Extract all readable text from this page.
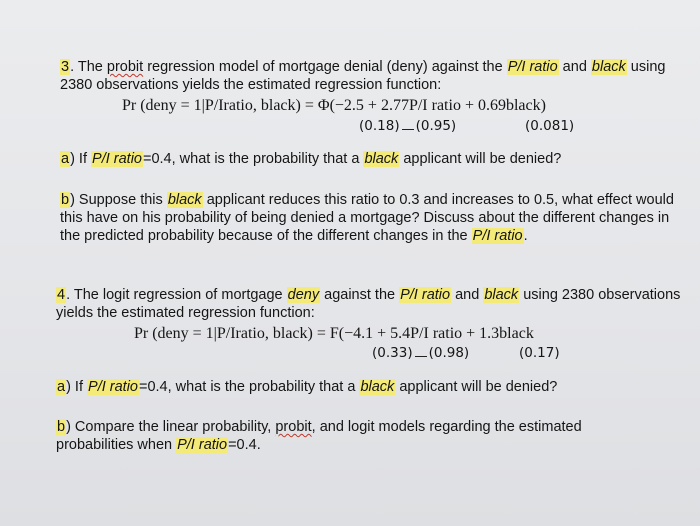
3. The probit regression model of mortgage denial (deny) against the P/I ratio and black using
2380 observations yields the estimated regression function:
Pr (deny = 1|P/Iratio, black) = Φ(−2.5 + 2.77P/I ratio + 0.69black)
(0.18) (0.95)	(0.081)
a) If P/I ratio=0.4, what is the probability that a black applicant will be denied?
b) Suppose this black applicant reduces this ratio to 0.3 and increases to 0.5, what effect would
this have on his probability of being denied a mortgage? Discuss about the different changes in
the predicted probability because of the different changes in the P/I ratio.
4. The logit regression of mortgage deny against the P/I ratio and black using 2380 observations
yields the estimated regression function:
Pr (deny = 1|P/Iratio, black) = F(−4.1 + 5.4P/I ratio + 1.3black
(0.33) (0.98)	(0.17)
a) If P/I ratio=0.4, what is the probability that a black applicant will be denied?
b) Compare the linear probability, probit, and logit models regarding the estimated
probabilities when P/I ratio=0.4.
